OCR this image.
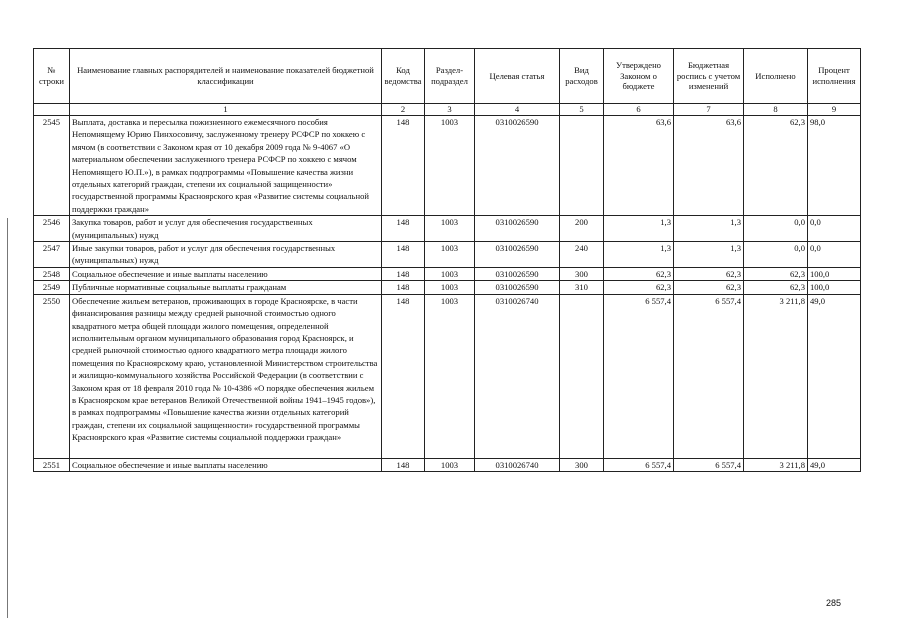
№ строки	Наименование главных распорядителей и наименование показателей бюджетной классификации	Код ведомства	Раздел-подраздел	Целевая статья	Вид расходов	Утверждено Законом о бюджете	Бюджетная роспись с учетом изменений	Исполнено	Процент исполнения
	1	2	3	4	5	6	7	8	9
2545	Выплата, доставка и пересылка пожизненного ежемесячного пособия Непомнящему Юрию Пинхосовичу, заслуженному тренеру РСФСР по хоккею с мячом (в соответствии с Законом края от 10 декабря 2009 года № 9-4067 «О материальном обеспечении заслуженного тренера РСФСР по хоккею с мячом Непомнящего Ю.П.»), в рамках подпрограммы «Повышение качества жизни отдельных категорий граждан, степени их социальной защищенности» государственной программы Красноярского края «Развитие системы социальной поддержки граждан»	148	1003	0310026590		63,6	63,6	62,3	98,0
2546	Закупка товаров, работ и услуг для обеспечения государственных (муниципальных) нужд	148	1003	0310026590	200	1,3	1,3	0,0	0,0
2547	Иные закупки товаров, работ и услуг для обеспечения государственных (муниципальных) нужд	148	1003	0310026590	240	1,3	1,3	0,0	0,0
2548	Социальное обеспечение и иные выплаты населению	148	1003	0310026590	300	62,3	62,3	62,3	100,0
2549	Публичные нормативные социальные выплаты гражданам	148	1003	0310026590	310	62,3	62,3	62,3	100,0
2550	Обеспечение жильем ветеранов, проживающих в городе Красноярске, в части финансирования разницы между средней рыночной стоимостью одного квадратного метра общей площади жилого помещения, определенной исполнительным органом муниципального образования город Красноярск, и средней рыночной стоимостью одного квадратного метра площади жилого помещения по Красноярскому краю, установленной Министерством строительства и жилищно-коммунального хозяйства Российской Федерации (в соответствии с Законом края от 18 февраля 2010 года № 10-4386 «О порядке обеспечения жильем в Красноярском крае ветеранов Великой Отечественной войны 1941–1945 годов»), в рамках подпрограммы «Повышение качества жизни отдельных категорий граждан, степени их социальной защищенности» государственной программы Красноярского края «Развитие системы социальной поддержки граждан»	148	1003	0310026740		6 557,4	6 557,4	3 211,8	49,0
2551	Социальное обеспечение и иные выплаты населению	148	1003	0310026740	300	6 557,4	6 557,4	3 211,8	49,0
285
